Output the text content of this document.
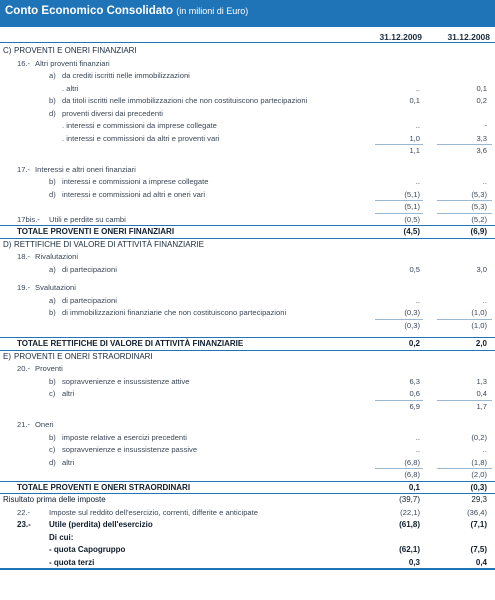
Conto Economico Consolidato (in milioni di Euro)
31.12.2009	31.12.2008
C) PROVENTI E ONERI FINANZIARI
16.- Altri proventi finanziari
a) da crediti iscritti nelle immobilizzazioni
. altri	..	0,1
b) da titoli iscritti nelle immobilizzazioni che non costituiscono partecipazioni	0,1	0,2
d) proventi diversi dai precedenti
. interessi e commissioni da imprese collegate	..	-
. interessi e commissioni da altri e proventi vari	1,0	3,3
1,1	3,6
17.- Interessi e altri oneri finanziari
b) interessi e commissioni a imprese collegate	..	..
d) interessi e commissioni ad altri e oneri vari	(5,1)	(5,3)
(5,1)	(5,3)
17bis.- Utili e perdite su cambi	(0,5)	(5,2)
TOTALE PROVENTI E ONERI FINANZIARI	(4,5)	(6,9)
D) RETTIFICHE DI VALORE DI ATTIVITÀ FINANZIARIE
18.- Rivalutazioni
a) di partecipazioni	0,5	3,0
19.- Svalutazioni
a) di partecipazioni	..	..
b) di immobilizzazioni finanziarie che non costituiscono partecipazioni	(0,3)	(1,0)
(0,3)	(1,0)
TOTALE RETTIFICHE DI VALORE DI ATTIVITÀ FINANZIARIE	0,2	2,0
E) PROVENTI E ONERI STRAORDINARI
20.- Proventi
b) sopravvenienze e insussistenze attive	6,3	1,3
c) altri	0,6	0,4
6,9	1,7
21.- Oneri
b) imposte relative a esercizi precedenti	..	(0,2)
c) sopravvenienze e insussistenze passive	..	..
d) altri	(6,8)	(1,8)
(6,8)	(2,0)
TOTALE PROVENTI E ONERI STRAORDINARI	0,1	(0,3)
Risultato prima delle imposte	(39,7)	29,3
22.- Imposte sul reddito dell'esercizio, correnti, differite e anticipate	(22,1)	(36,4)
23.- Utile (perdita) dell'esercizio	(61,8)	(7,1)
Di cui:
- quota Capogruppo	(62,1)	(7,5)
- quota terzi	0,3	0,4
